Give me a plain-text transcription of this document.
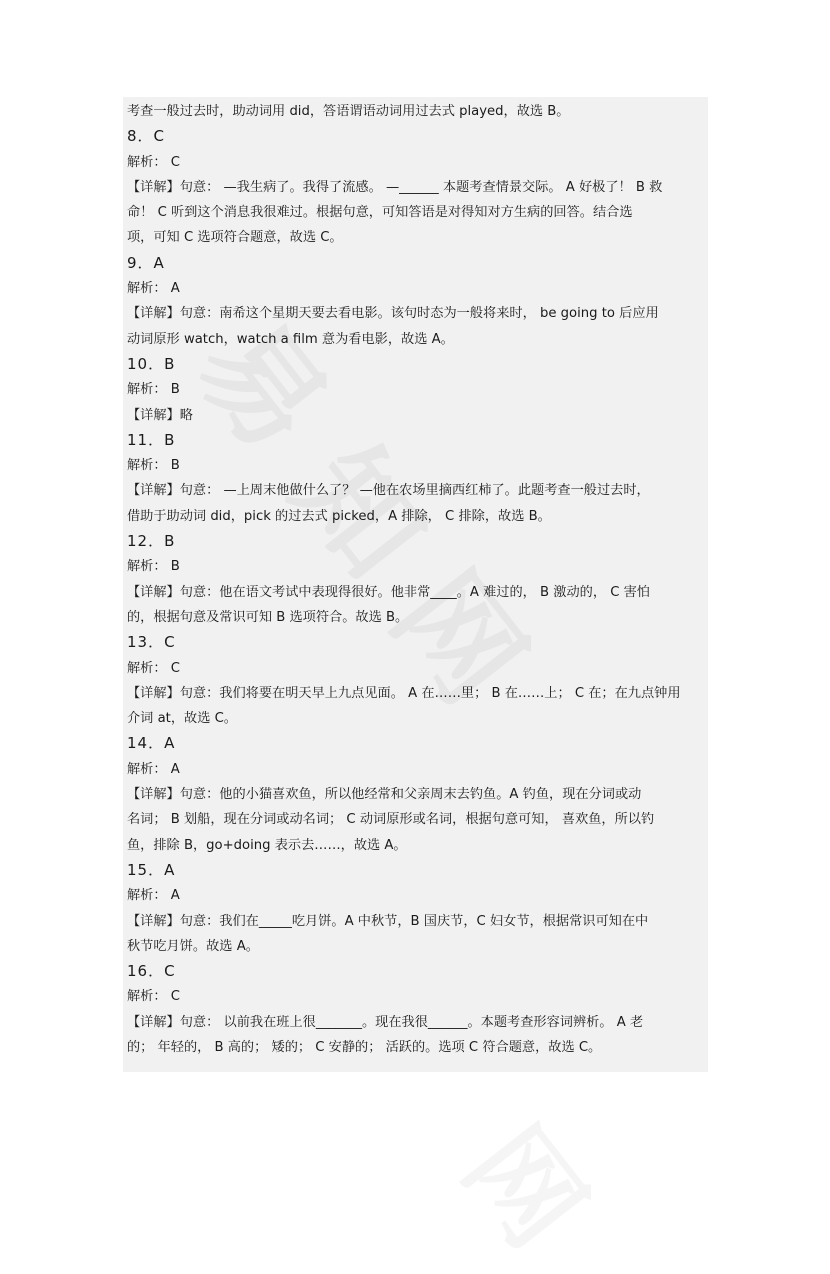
考查一般过去时，助动词用 did，答语谓语动词用过去式 played，故选 B。
8．C
解析： C
【详解】句意： —我生病了。我得了流感。 —______ 本题考查情景交际。 A 好极了！ B 救
命！ C 听到这个消息我很难过。根据句意，可知答语是对得知对方生病的回答。结合选
项，可知 C 选项符合题意，故选 C。
9．A
解析： A
【详解】句意：南希这个星期天要去看电影。该句时态为一般将来时， be going to 后应用
动词原形 watch，watch a film 意为看电影，故选 A。
10．B
解析： B
【详解】略
11．B
解析： B
【详解】句意： —上周末他做什么了？ —他在农场里摘西红柿了。此题考查一般过去时，
借助于助动词 did，pick 的过去式 picked，A 排除， C 排除，故选 B。
12．B
解析： B
【详解】句意：他在语文考试中表现得很好。他非常____。A 难过的， B 激动的， C 害怕
的，根据句意及常识可知 B 选项符合。故选 B。
13．C
解析： C
【详解】句意：我们将要在明天早上九点见面。 A 在……里； B 在……上； C 在；在九点钟用
介词 at，故选 C。
14．A
解析： A
【详解】句意：他的小猫喜欢鱼，所以他经常和父亲周末去钓鱼。A 钓鱼，现在分词或动
名词； B 划船，现在分词或动名词； C 动词原形或名词，根据句意可知， 喜欢鱼，所以钓
鱼，排除 B，go+doing 表示去……，故选 A。
15．A
解析： A
【详解】句意：我们在_____吃月饼。A 中秋节，B 国庆节，C 妇女节，根据常识可知在中
秋节吃月饼。故选 A。
16．C
解析： C
【详解】句意： 以前我在班上很_______。现在我很______。本题考查形容词辨析。 A 老
的； 年轻的， B 高的； 矮的； C 安静的； 活跃的。选项 C 符合题意，故选 C。
